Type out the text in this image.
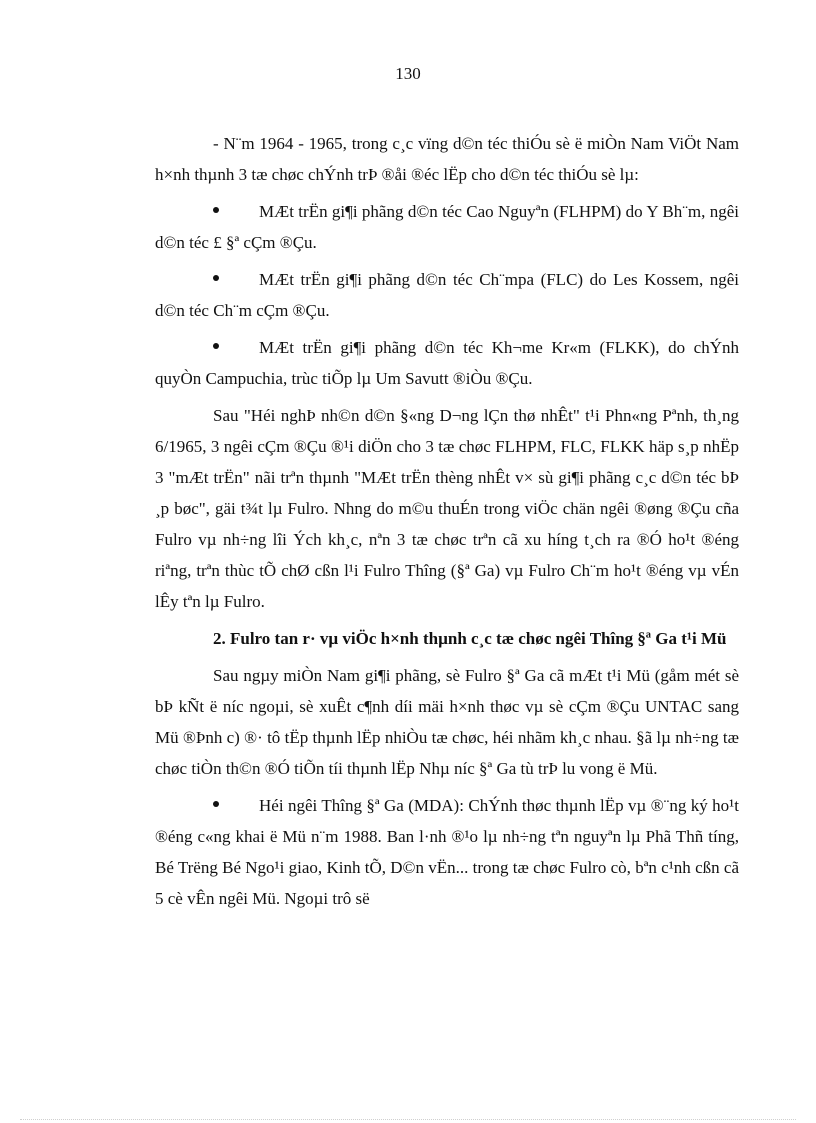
130

- N¨m 1964 - 1965, trong c¸c vïng d©n téc thiÓu sè ë miÒn Nam ViÖt Nam h×nh thµnh 3 tæ chøc chÝnh trÞ ®åi ®éc lËp cho d©n téc thiÓu sè lµ:

MÆt trËn gi¶i phãng d©n téc Cao Nguyªn (FLHPM) do Y Bh¨m, ngêi d©n téc £ §ª cÇm ®Çu.

MÆt trËn gi¶i phãng d©n téc Ch¨mpa (FLC) do Les Kossem, ngêi d©n téc Ch¨m cÇm ®Çu.

MÆt trËn gi¶i phãng d©n téc Kh¬me Kr«m (FLKK), do chÝnh quyÒn Campuchia, trùc tiÕp lµ Um Savutt ®iÒu ®Çu.

Sau "Héi nghÞ nh©n d©n §«ng D¬ng lÇn thø nhÊt" t¹i Phn«ng Pªnh, th¸ng 6/1965, 3 ngêi cÇm ®Çu ®¹i diÖn cho 3 tæ chøc FLHPM, FLC, FLKK häp s¸p nhËp 3 "mÆt trËn" nãi trªn thµnh "MÆt trËn thèng nhÊt v× sù gi¶i phãng c¸c d©n téc bÞ ¸p bøc", gäi t¾t lµ Fulro. Nhng do m©u thuÉn trong viÖc chän ngêi ®øng ®Çu cña Fulro vµ nh÷ng lîi Ých kh¸c, nªn 3 tæ chøc trªn cã xu híng t¸ch ra ®Ó ho¹t ®éng riªng, trªn thùc tÕ chØ cßn l¹i Fulro Thîng (§ª Ga) vµ Fulro Ch¨m ho¹t ®éng vµ vÉn lÊy tªn lµ Fulro.

2. Fulro tan r· vµ viÖc h×nh thµnh c¸c tæ chøc ngêi Thîng §ª Ga t¹i Mü

Sau ngµy miÒn Nam gi¶i phãng, sè Fulro §ª Ga cã mÆt t¹i Mü (gåm mét sè bÞ kÑt ë níc ngoµi, sè xuÊt c¶nh díi mäi h×nh thøc vµ sè cÇm ®Çu UNTAC sang Mü ®Þnh c) ®· tô tËp thµnh lËp nhiÒu tæ chøc, héi nhãm kh¸c nhau. §ã lµ nh÷ng tæ chøc tiÒn th©n ®Ó tiÕn tíi thµnh lËp Nhµ níc §ª Ga tù trÞ lu vong ë Mü.

Héi ngêi Thîng §ª Ga (MDA): ChÝnh thøc thµnh lËp vµ ®¨ng ký ho¹t ®éng c«ng khai ë Mü n¨m 1988. Ban l·nh ®¹o lµ nh÷ng tªn nguyªn lµ Phã Thñ tíng, Bé Trëng Bé Ngo¹i giao, Kinh tÕ, D©n vËn... trong tæ chøc Fulro cò, bªn c¹nh cßn cã 5 cè vÊn ngêi Mü. Ngoµi trô së
